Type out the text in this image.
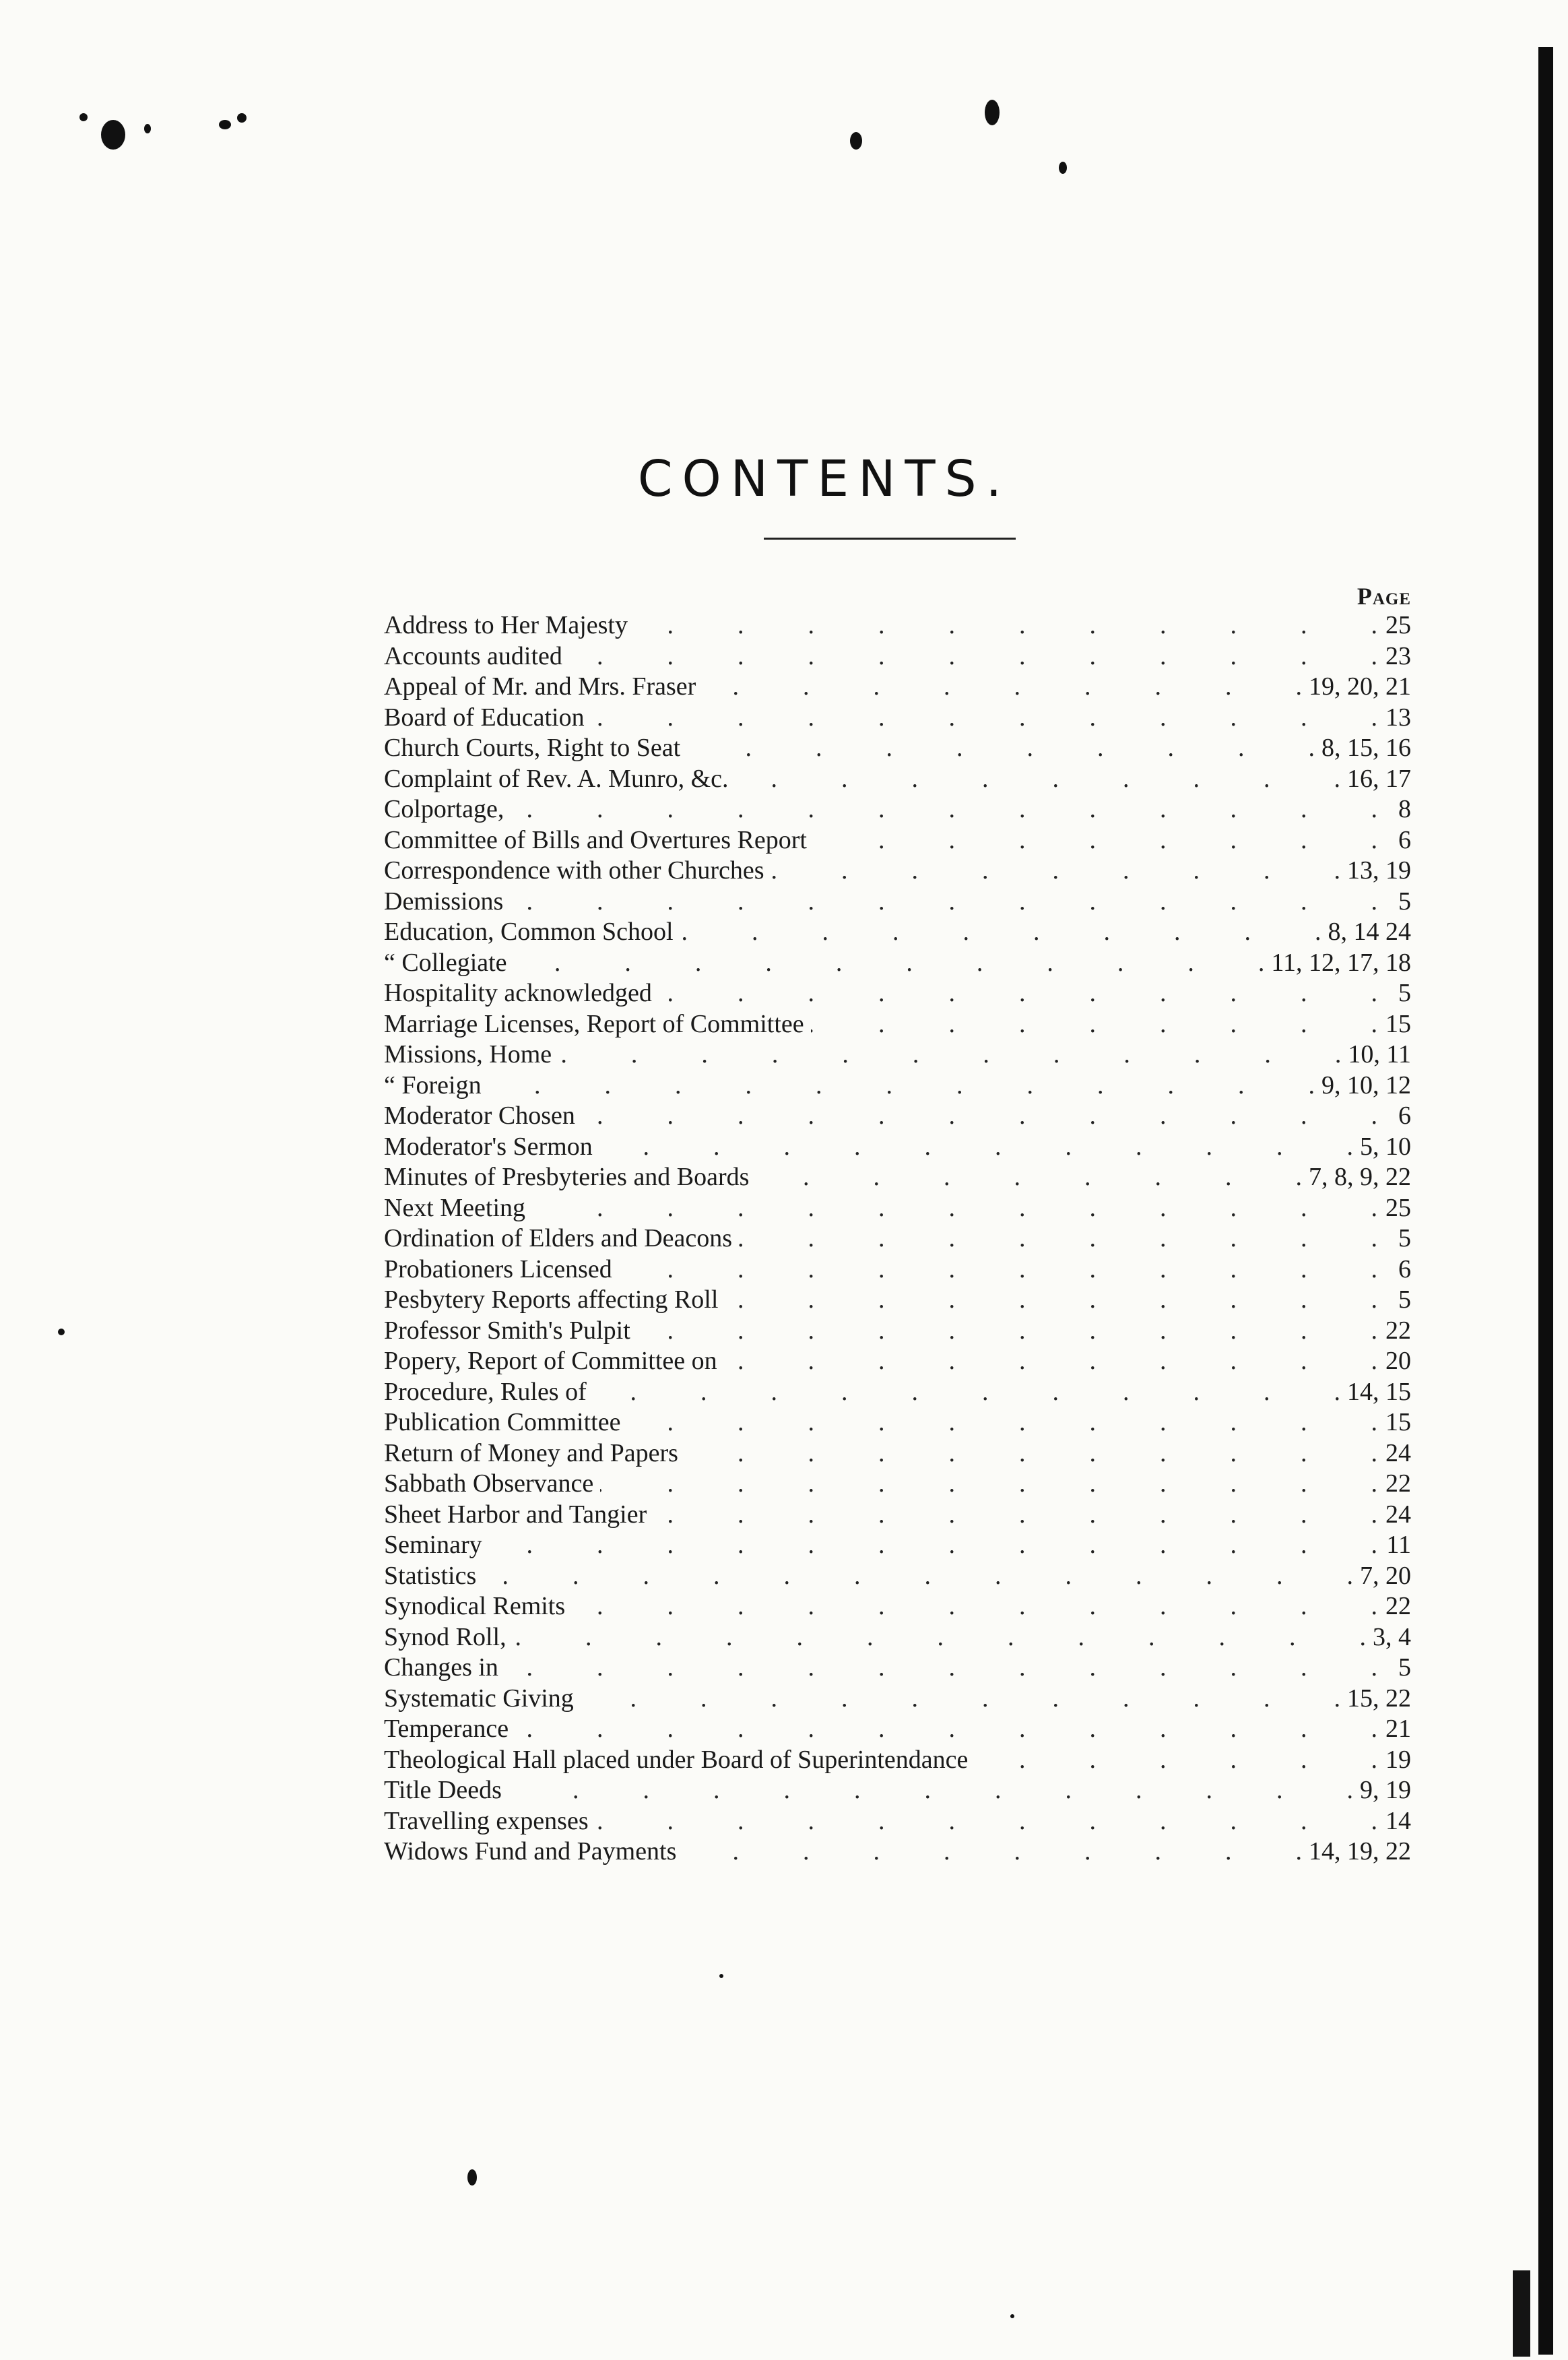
CONTENTS.
Page
Address to Her Majesty .	25
Accounts audited .	23
Appeal of Mr. and Mrs. Fraser .	19, 20, 21
Board of Education .	13
Church Courts, Right to Seat .	8, 15, 16
Complaint of Rev. A. Munro, &c. .	16, 17
Colportage, .	8
Committee of Bills and Overtures Report .	6
Correspondence with other Churches .	13, 19
Demissions .	5
Education, Common School .	8, 14 24
“ Collegiate .	11, 12, 17, 18
Hospitality acknowledged .	5
Marriage Licenses, Report of Committee .	15
Missions, Home .	10, 11
“ Foreign .	9, 10, 12
Moderator Chosen .	6
Moderator's Sermon .	5, 10
Minutes of Presbyteries and Boards .	7, 8, 9, 22
Next Meeting .	25
Ordination of Elders and Deacons .	5
Probationers Licensed .	6
Pesbytery Reports affecting Roll .	5
Professor Smith's Pulpit .	22
Popery, Report of Committee on .	20
Procedure, Rules of .	14, 15
Publication Committee .	15
Return of Money and Papers .	24
Sabbath Observance .	22
Sheet Harbor and Tangier .	24
Seminary .	11
Statistics .	7, 20
Synodical Remits .	22
Synod Roll, .	3, 4
Changes in .	5
Systematic Giving .	15, 22
Temperance .	21
Theological Hall placed under Board of Superintendance .	19
Title Deeds .	9, 19
Travelling expenses .	14
Widows Fund and Payments .	14, 19, 22
